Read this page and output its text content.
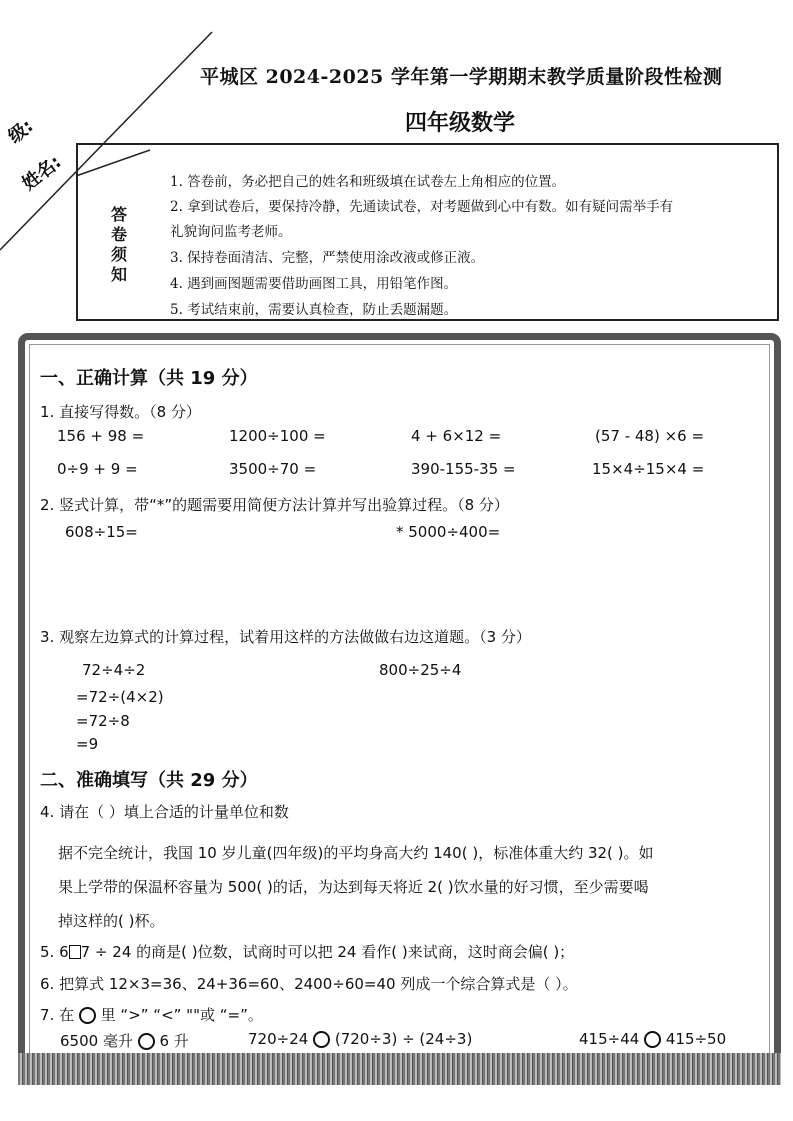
平城区 2024-2025 学年第一学期期末教学质量阶段性检测
四年级数学
级:
姓名:
答卷须知
1. 答卷前，务必把自己的姓名和班级填在试卷左上角相应的位置。
2. 拿到试卷后，要保持冷静，先通读试卷，对考题做到心中有数。如有疑问需举手有
礼貌询问监考老师。
3. 保持卷面清洁、完整，严禁使用涂改液或修正液。
4. 遇到画图题需要借助画图工具，用铅笔作图。
5. 考试结束前，需要认真检查，防止丢题漏题。
一、正确计算（共 19 分）
1. 直接写得数。（8 分）
156 + 98 =	1200÷100 =	4 + 6×12 =	(57 - 48) ×6 =
0÷9 + 9 =	3500÷70 =	390-155-35 =	15×4÷15×4 =
2. 竖式计算，带“*”的题需要用简便方法计算并写出验算过程。（8 分）
608÷15=	* 5000÷400=
3. 观察左边算式的计算过程，试着用这样的方法做做右边这道题。（3 分）
72÷4÷2
=72÷(4×2)
=72÷8
=9
800÷25÷4
二、准确填写（共 29 分）
4. 请在（ ）填上合适的计量单位和数
据不完全统计，我国 10 岁儿童(四年级)的平均身高大约 140( )，标准体重大约 32( )。如
果上学带的保温杯容量为 500( )的话，为达到每天将近 2( )饮水量的好习惯，至少需要喝
掉这样的( )杯。
5. 6 7 ÷ 24 的商是( )位数，试商时可以把 24 看作( )来试商，这时商会偏( )；
6. 把算式 12×3=36、24+36=60、2400÷60=40 列成一个综合算式是（ ）。
7. 在 里 “>” “<” ""或 “=”。
6500 毫升 6 升	720÷24 (720÷3) ÷ (24÷3)	415÷44 415÷50
